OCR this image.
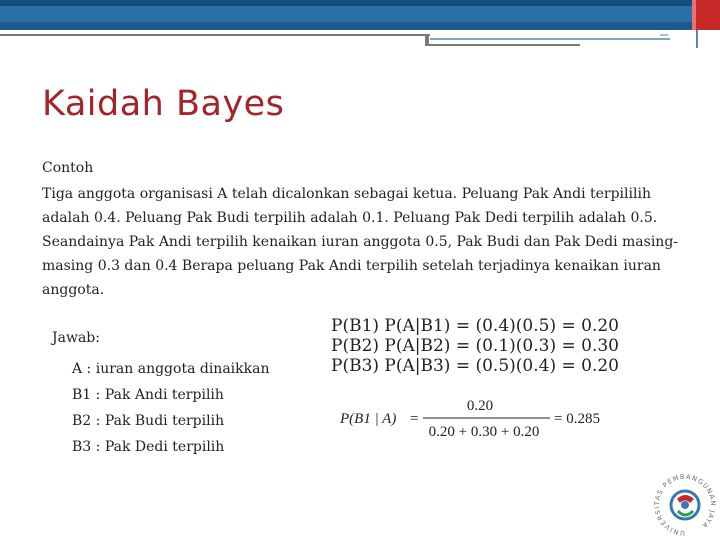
Kaidah Bayes
Contoh
Tiga anggota organisasi A telah dicalonkan sebagai ketua. Peluang Pak Andi terpililih adalah 0.4. Peluang Pak Budi terpilih adalah 0.1. Peluang Pak Dedi terpilih adalah 0.5. Seandainya Pak Andi terpilih kenaikan iuran anggota 0.5, Pak Budi dan Pak Dedi masing-masing 0.3 dan 0.4 Berapa peluang Pak Andi terpilih setelah terjadinya kenaikan iuran anggota.
Jawab:
A : iuran anggota dinaikkan
B1 : Pak Andi terpilih
B2 : Pak Budi terpilih
B3 : Pak Dedi terpilih
P(B1) P(A|B1) = (0.4)(0.5) = 0.20
P(B2) P(A|B2) = (0.1)(0.3) = 0.30
P(B3) P(A|B3) = (0.5)(0.4) = 0.20
P(B1 | A) =
0.20
0.20 + 0.30 + 0.20
= 0.285
UNIVERSITAS PEMBANGUNAN JAYA
